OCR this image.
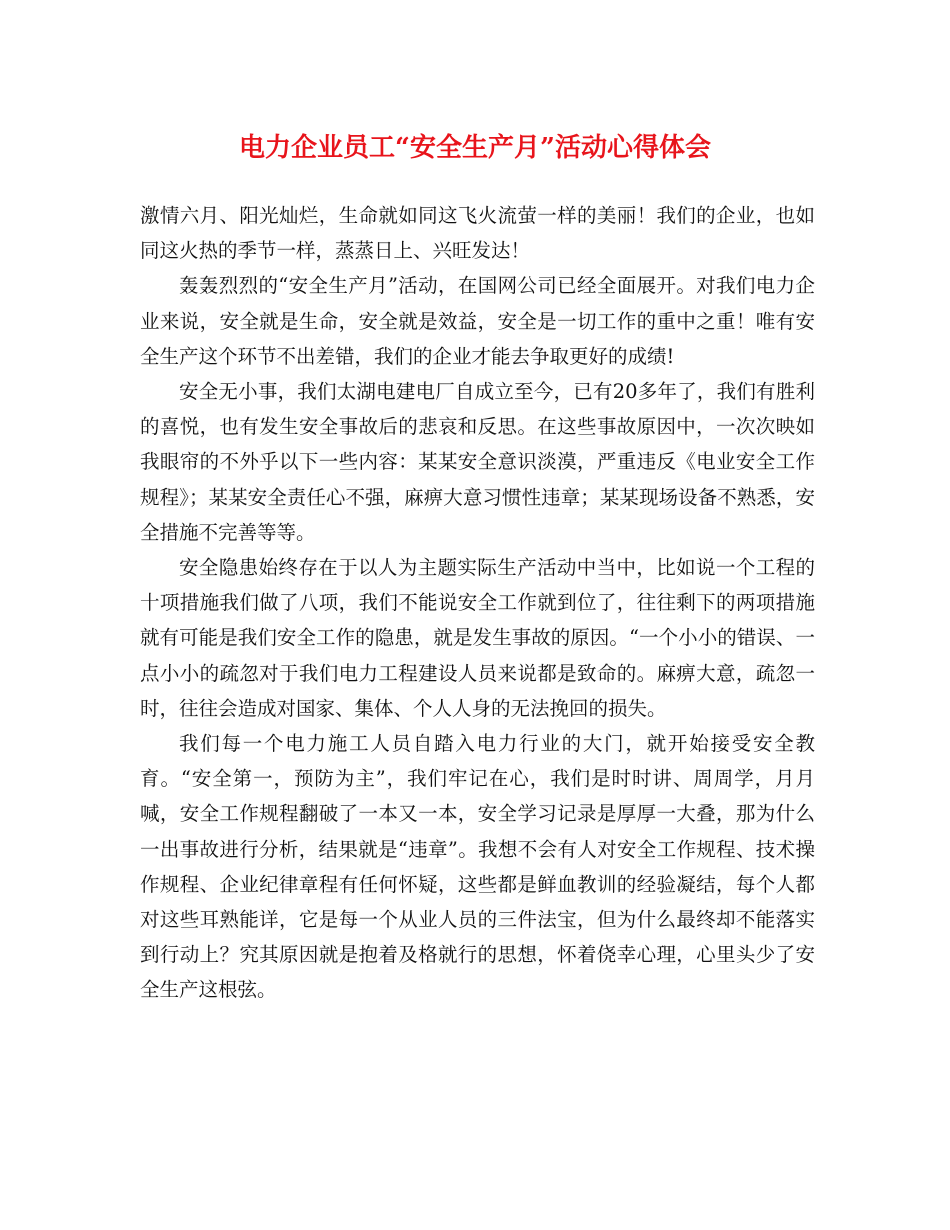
电力企业员工“安全生产月”活动心得体会

激情六月、阳光灿烂，生命就如同这飞火流萤一样的美丽！我们的企业，也如同这火热的季节一样，蒸蒸日上、兴旺发达！

轰轰烈烈的“安全生产月”活动，在国网公司已经全面展开。对我们电力企业来说，安全就是生命，安全就是效益，安全是一切工作的重中之重！唯有安全生产这个环节不出差错，我们的企业才能去争取更好的成绩!

安全无小事，我们太湖电建电厂自成立至今，已有20多年了，我们有胜利的喜悦，也有发生安全事故后的悲哀和反思。在这些事故原因中，一次次映如我眼帘的不外乎以下一些内容：某某安全意识淡漠，严重违反《电业安全工作规程》；某某安全责任心不强，麻痹大意习惯性违章；某某现场设备不熟悉，安全措施不完善等等。

安全隐患始终存在于以人为主题实际生产活动中当中，比如说一个工程的十项措施我们做了八项，我们不能说安全工作就到位了，往往剩下的两项措施就有可能是我们安全工作的隐患，就是发生事故的原因。“一个小小的错误、一点小小的疏忽对于我们电力工程建设人员来说都是致命的。麻痹大意，疏忽一时，往往会造成对国家、集体、个人人身的无法挽回的损失。

我们每一个电力施工人员自踏入电力行业的大门，就开始接受安全教育。“安全第一，预防为主”，我们牢记在心，我们是时时讲、周周学，月月喊，安全工作规程翻破了一本又一本，安全学习记录是厚厚一大叠，那为什么一出事故进行分析，结果就是“违章”。我想不会有人对安全工作规程、技术操作规程、企业纪律章程有任何怀疑，这些都是鲜血教训的经验凝结，每个人都对这些耳熟能详，它是每一个从业人员的三件法宝，但为什么最终却不能落实到行动上？究其原因就是抱着及格就行的思想，怀着侥幸心理，心里头少了安全生产这根弦。
